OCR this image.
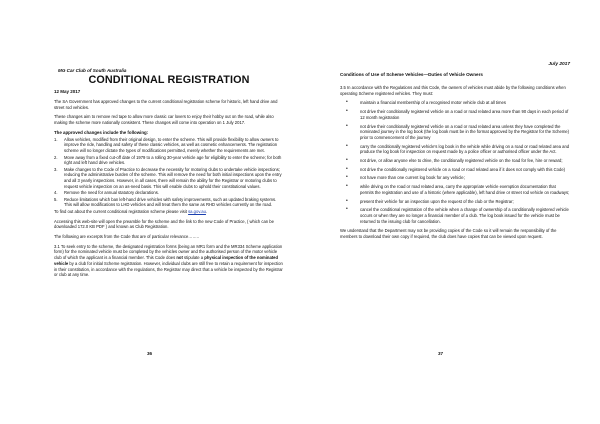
MG Car Club of South Australia
CONDITIONAL REGISTRATION
12 May 2017

The SA Government has approved changes to the current conditional registration scheme for historic, left hand drive and street rod vehicles.

These changes aim to remove red tape to allow more classic car lovers to enjoy their hobby out on the road, while also making the scheme more nationally consistent. These changes will come into operation on 1 July 2017.

The approved changes include the following:
1. Allow vehicles, modified from their original design, to enter the scheme. This will provide flexibility to allow owners to improve the ride, handling and safety of these classic vehicles, as well as cosmetic enhancements. The registration scheme will no longer dictate the types of modifications permitted, merely whether the requirements are met.
2. Move away from a fixed cut-off date of 1979 to a rolling 30-year vehicle age for eligibility to enter the scheme; for both right and left hand drive vehicles.
3. Make changes to the Code of Practice to decrease the necessity for motoring clubs to undertake vehicle inspections; reducing the administrative burden of the scheme. This will remove the need for both initial inspections upon the entry and all 3 yearly inspections. However, in all cases, there will remain the ability for the Registrar or motoring clubs to request vehicle inspection on an as-need basis. This will enable clubs to uphold their constitutional values.
4. Remove the need for annual statutory declarations.
5. Reduce limitations which ban left-hand drive vehicles with safety improvements, such as updated braking systems. This will allow modifications to LHD vehicles and will treat them the same as RHD vehicles currently on the road.

To find out about the current conditional registration scheme please visit sa.gov.au.

Accessing this web-site will open the preamble for the scheme and the link to the new Code of Practice, ( which can be downloaded 172.0 KB PDF ) and known as Club Registration.

The following are excerpts from the Code that are of particular relevance……..

3.1 To seek entry to the scheme, the designated registration forms (being an MR1 form and the MR334 Scheme application form) for the nominated vehicle must be completed by the vehicles owner and the authorised person of the motor vehicle club of which the applicant is a financial member. This Code does not stipulate a physical inspection of the nominated vehicle by a club for initial Scheme registration. However, individual clubs are still free to retain a requirement for inspection in their constitution, in accordance with the regulations, the Registrar may direct that a vehicle be inspected by the Registrar or club at any time.

36
July 2017
Conditions of Use of Scheme Vehicles—Duties of Vehicle Owners

3.5 In accordance with the Regulations and this Code, the owners of vehicles must abide by the following conditions when operating Scheme registered vehicles. They must:

•	maintain a financial membership of a recognised motor vehicle club at all times
•	not drive their conditionally registered vehicle on a road or road related area more than 90 days in each period of 12 month registration
•	not drive their conditionally registered vehicle on a road or road related area unless they have completed the nominated journey in the log book (the log book must be in the format approved by the Registrar for the Scheme) prior to commencement of the journey
•	carry the conditionally registered vehicle's log book in the vehicle while driving on a road or road related area and produce the log book for inspection on request made by a police officer or authorised officer under the Act.
•	not drive, or allow anyone else to drive, the conditionally registered vehicle on the road for fee, hire or reward;
•	not drive the conditionally registered vehicle on a road or road related area if it does not comply with this Code)
•	not have more than one current log book for any vehicle;
•	while driving on the road or road related area, carry the appropriate vehicle exemption documentation that permits the registration and use of a historic (where applicable), left hand drive or street rod vehicle on roadways;
•	present their vehicle for an inspection upon the request of the club or the Registrar;
•	cancel the conditional registration of the vehicle when a change of ownership of a conditionally registered vehicle occurs or when they are no longer a financial member of a club. The log book issued for the vehicle must be returned to the issuing club for cancellation.

We understand that the Department may not be providing copies of the Code so it will remain the responsibility of the members to download their own copy if required, the club does have copies that can be viewed upon request.

37
